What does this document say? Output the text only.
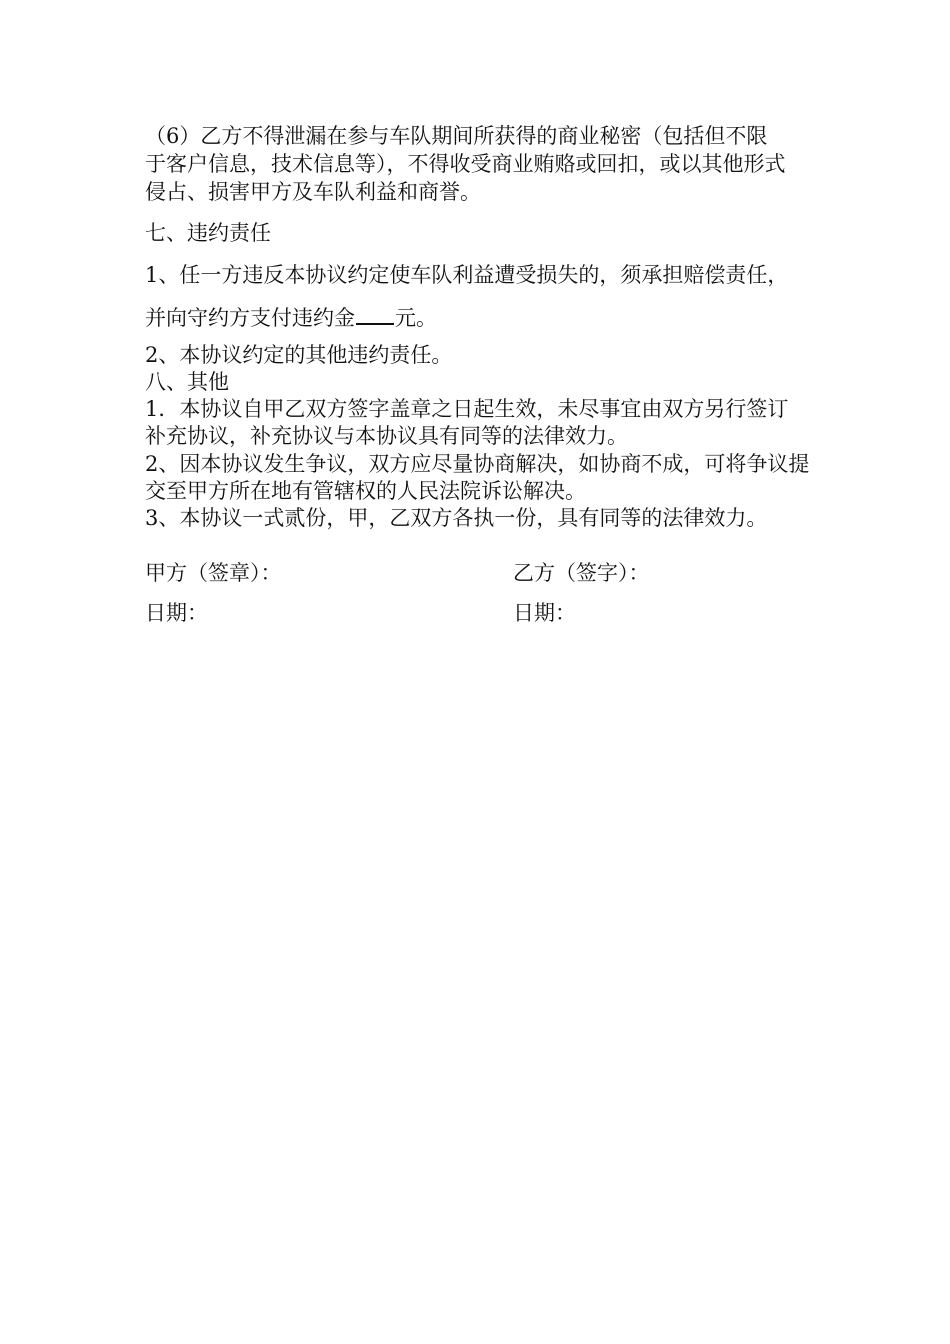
（6）乙方不得泄漏在参与车队期间所获得的商业秘密（包括但不限
于客户信息，技术信息等），不得收受商业贿赂或回扣，或以其他形式
侵占、损害甲方及车队利益和商誉。
七、违约责任
1、任一方违反本协议约定使车队利益遭受损失的，须承担赔偿责任，
并向守约方支付违约金 元。
2、本协议约定的其他违约责任。
八、其他
1．本协议自甲乙双方签字盖章之日起生效，未尽事宜由双方另行签订
补充协议，补充协议与本协议具有同等的法律效力。
2、因本协议发生争议，双方应尽量协商解决，如协商不成，可将争议提
交至甲方所在地有管辖权的人民法院诉讼解决。
3、本协议一式贰份，甲，乙双方各执一份，具有同等的法律效力。
甲方（签章）：	乙方（签字）：
日期：	日期：
